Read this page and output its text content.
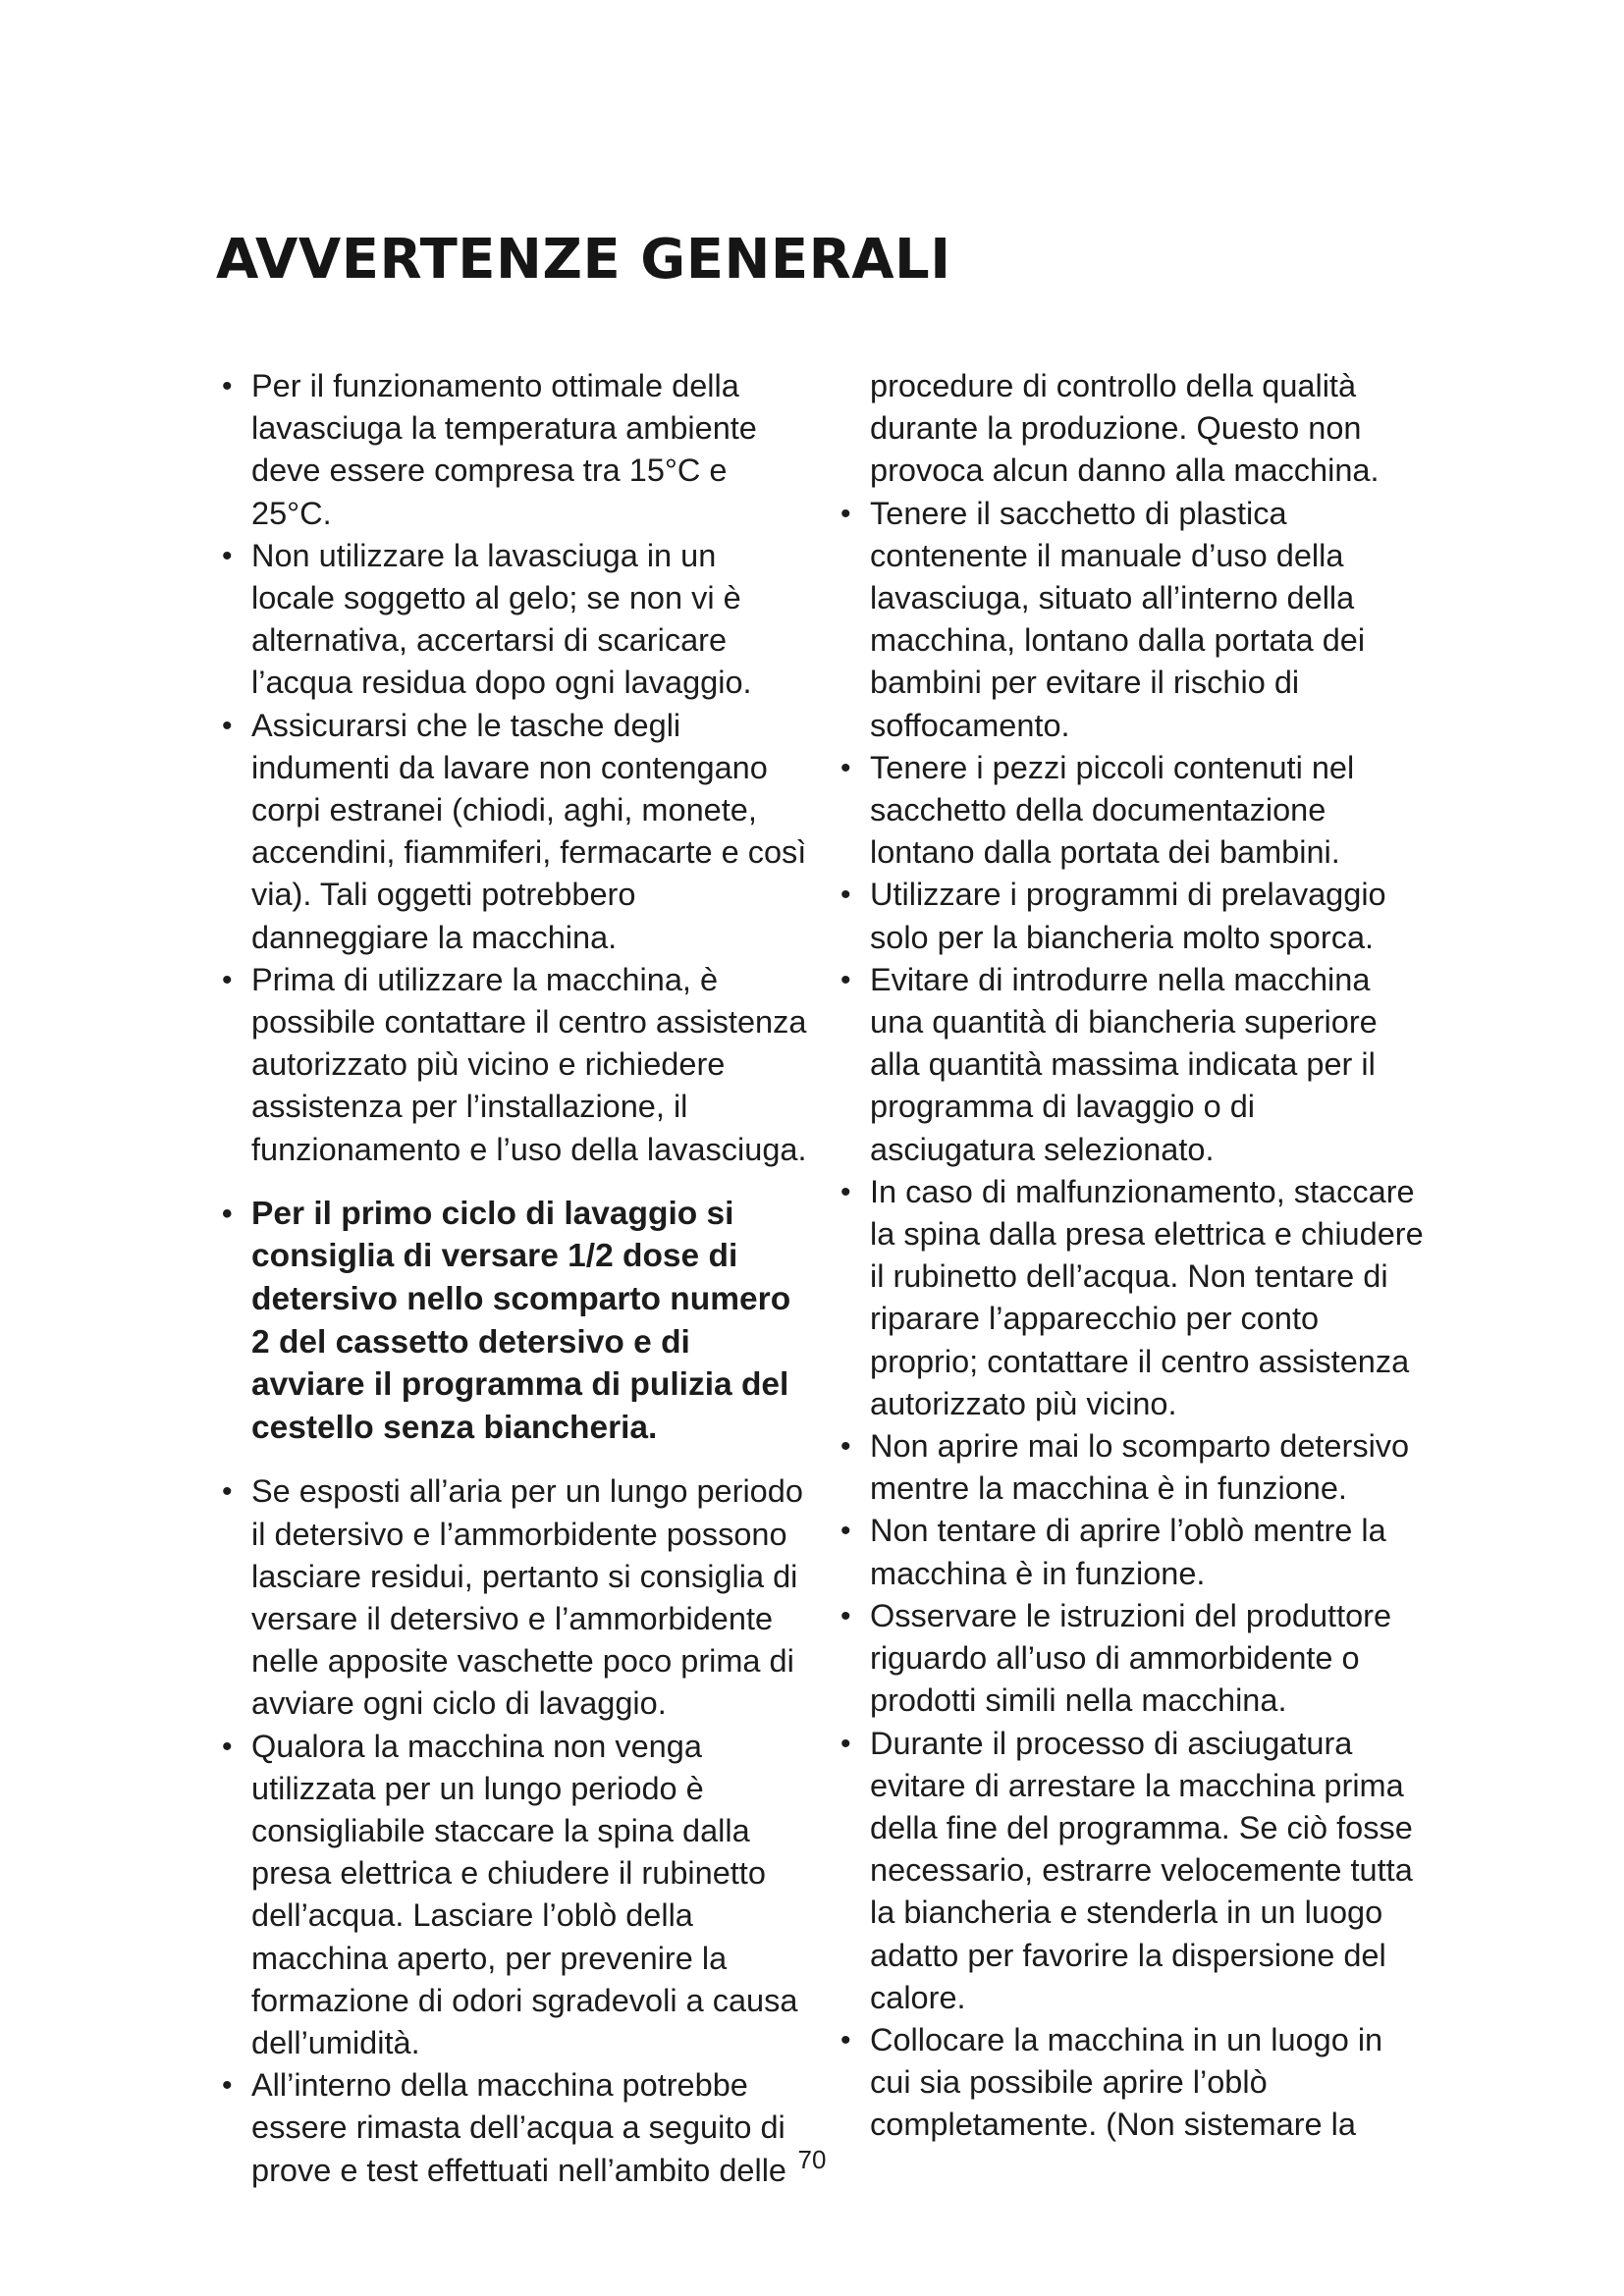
AVVERTENZE GENERALI
• Per il funzionamento ottimale della lavasciuga la temperatura ambiente deve essere compresa tra 15°C e 25°C.
• Non utilizzare la lavasciuga in un locale soggetto al gelo; se non vi è alternativa, accertarsi di scaricare l’acqua residua dopo ogni lavaggio.
• Assicurarsi che le tasche degli indumenti da lavare non contengano corpi estranei (chiodi, aghi, monete, accendini, fiammiferi, fermacarte e così via). Tali oggetti potrebbero danneggiare la macchina.
• Prima di utilizzare la macchina, è possibile contattare il centro assistenza autorizzato più vicino e richiedere assistenza per l’installazione, il funzionamento e l’uso della lavasciuga.
• Per il primo ciclo di lavaggio si consiglia di versare 1/2 dose di detersivo nello scomparto numero 2 del cassetto detersivo e di avviare il programma di pulizia del cestello senza biancheria.
• Se esposti all’aria per un lungo periodo il detersivo e l’ammorbidente possono lasciare residui, pertanto si consiglia di versare il detersivo e l’ammorbidente nelle apposite vaschette poco prima di avviare ogni ciclo di lavaggio.
• Qualora la macchina non venga utilizzata per un lungo periodo è consigliabile staccare la spina dalla presa elettrica e chiudere il rubinetto dell’acqua. Lasciare l’oblò della macchina aperto, per prevenire la formazione di odori sgradevoli a causa dell’umidità.
• All’interno della macchina potrebbe essere rimasta dell’acqua a seguito di prove e test effettuati nell’ambito delle
procedure di controllo della qualità durante la produzione. Questo non provoca alcun danno alla macchina.
• Tenere il sacchetto di plastica contenente il manuale d’uso della lavasciuga, situato all’interno della macchina, lontano dalla portata dei bambini per evitare il rischio di soffocamento.
• Tenere i pezzi piccoli contenuti nel sacchetto della documentazione lontano dalla portata dei bambini.
• Utilizzare i programmi di prelavaggio solo per la biancheria molto sporca.
• Evitare di introdurre nella macchina una quantità di biancheria superiore alla quantità massima indicata per il programma di lavaggio o di asciugatura selezionato.
• In caso di malfunzionamento, staccare la spina dalla presa elettrica e chiudere il rubinetto dell’acqua. Non tentare di riparare l’apparecchio per conto proprio; contattare il centro assistenza autorizzato più vicino.
• Non aprire mai lo scomparto detersivo mentre la macchina è in funzione.
• Non tentare di aprire l’oblò mentre la macchina è in funzione.
• Osservare le istruzioni del produttore riguardo all’uso di ammorbidente o prodotti simili nella macchina.
• Durante il processo di asciugatura evitare di arrestare la macchina prima della fine del programma. Se ciò fosse necessario, estrarre velocemente tutta la biancheria e stenderla in un luogo adatto per favorire la dispersione del calore.
• Collocare la macchina in un luogo in cui sia possibile aprire l’oblò completamente. (Non sistemare la
70
